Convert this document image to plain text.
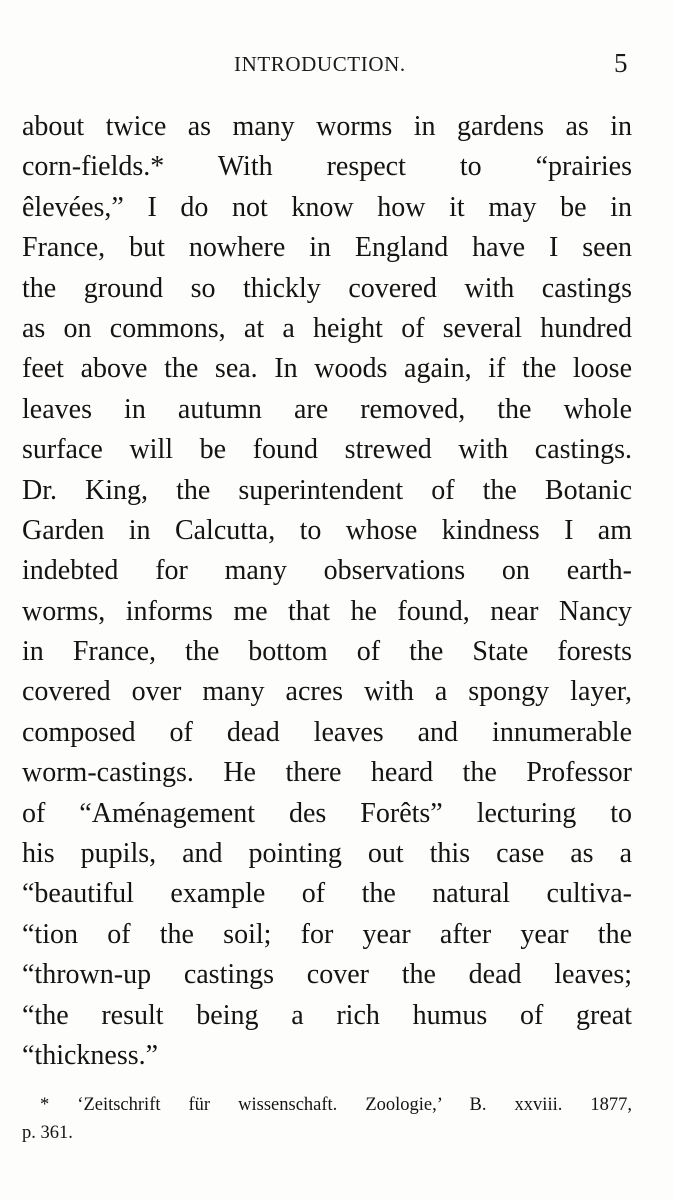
INTRODUCTION.	5
about twice as many worms in gardens as in
corn-fields.* With respect to “prairies
êlevées,” I do not know how it may be in
France, but nowhere in England have I seen
the ground so thickly covered with castings
as on commons, at a height of several hundred
feet above the sea. In woods again, if the loose
leaves in autumn are removed, the whole
surface will be found strewed with castings.
Dr. King, the superintendent of the Botanic
Garden in Calcutta, to whose kindness I am
indebted for many observations on earth-
worms, informs me that he found, near Nancy
in France, the bottom of the State forests
covered over many acres with a spongy layer,
composed of dead leaves and innumerable
worm-castings. He there heard the Professor
of “Aménagement des Forêts” lecturing to
his pupils, and pointing out this case as a
“beautiful example of the natural cultiva-
“tion of the soil; for year after year the
“thrown-up castings cover the dead leaves;
“the result being a rich humus of great
“thickness.”
* ‘Zeitschrift für wissenschaft. Zoologie,’ B. xxviii. 1877,
p. 361.
